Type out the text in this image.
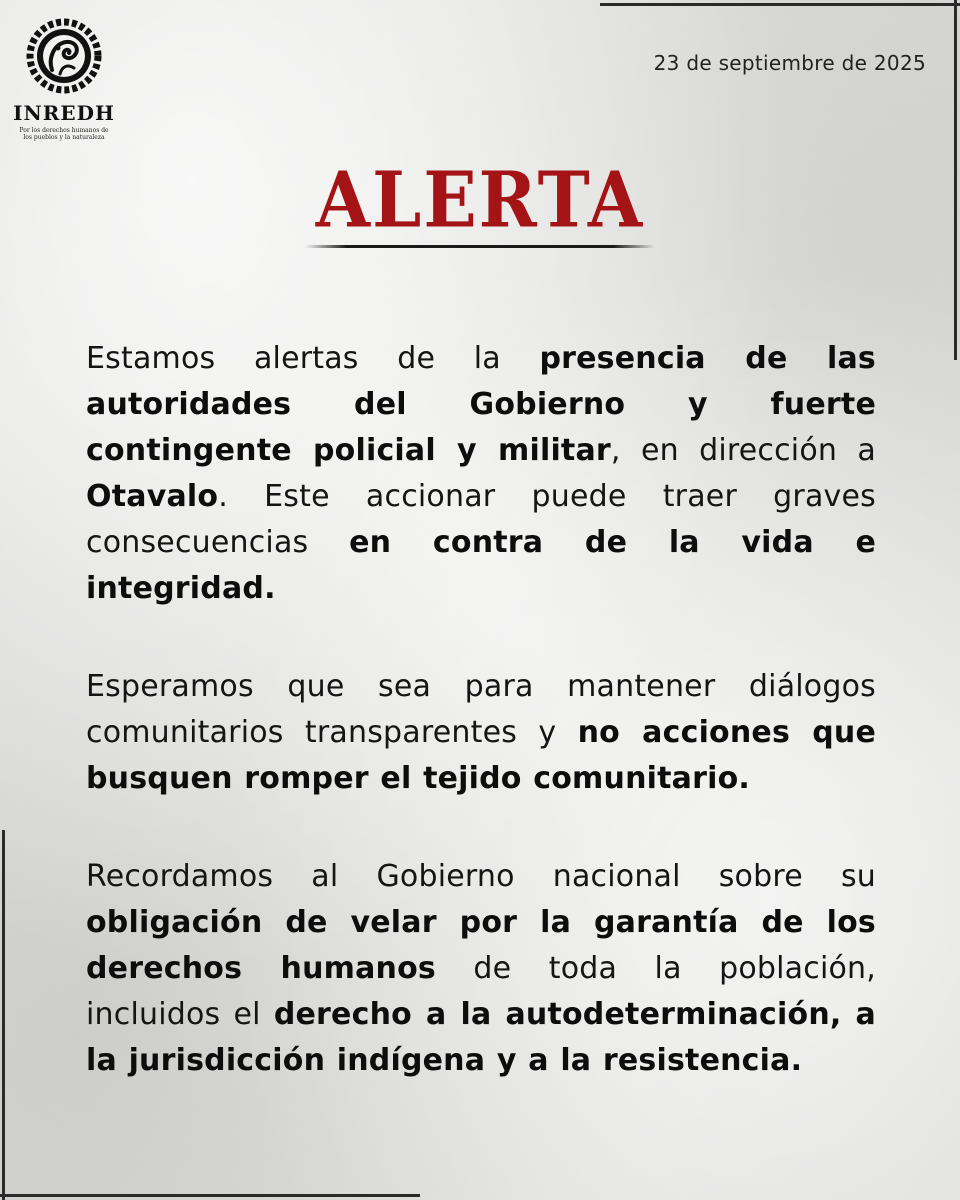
INREDH
Por los derechos humanos de los pueblos y la naturaleza
23 de septiembre de 2025
ALERTA

Estamos alertas de la presencia de las autoridades del Gobierno y fuerte contingente policial y militar, en dirección a Otavalo. Este accionar puede traer graves consecuencias en contra de la vida e integridad.

Esperamos que sea para mantener diálogos comunitarios transparentes y no acciones que busquen romper el tejido comunitario.

Recordamos al Gobierno nacional sobre su obligación de velar por la garantía de los derechos humanos de toda la población, incluidos el derecho a la autodeterminación, a la jurisdicción indígena y a la resistencia.
